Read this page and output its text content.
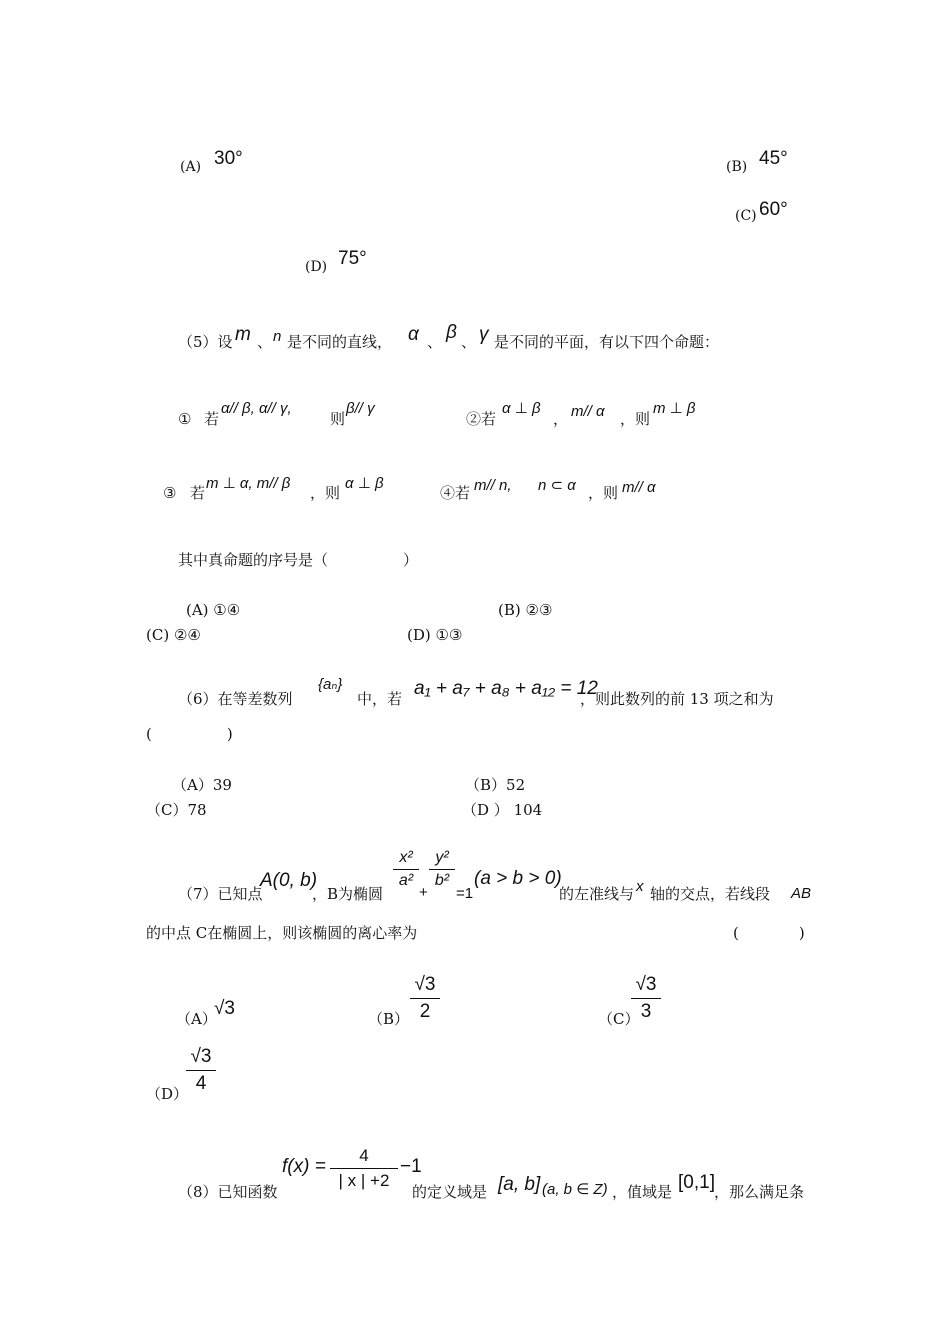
(A) 30°	(B) 45°
(C) 60°
(D) 75°
（5）设 m 、 n 是不同的直线， α 、 β 、 γ 是不同的平面，有以下四个命题：
① 若
α// β, α// γ,
则
β// γ
②若
α ⊥ β
， m// α ，则
m ⊥ β
③ 若
m ⊥ α, m// β
，则
α ⊥ β
④若 m// n, n ⊂ α ，则 m// α
其中真命题的序号是（　　　　　）
(A) ①④	(B) ②③
(C) ②④	(D) ①③
（6）在等差数列
{aₙ}
中，若 a₁ + a₇ + a₈ + a₁₂ = 12
，则此数列的前 13 项之和为
(　　　　　)
（A）39	（B）52
（C）78	（D ） 104
（7）已知点
A(0, b)
，B为椭圆
x²
a²
+
y²
b²
=1
(a > b > 0)
的左准线与 x 轴的交点，若线段 AB
的中点 C在椭圆上，则该椭圆的离心率为	(　　　　)
（A）
√3	（B）
√3
2	（C）
√3
3
（D）
√3
4
（8）已知函数
f(x) =
4
| x | +2
−1
的定义域是 [a, b] (a, b ∈ Z) ，值域是 [0,1] ，那么满足条
